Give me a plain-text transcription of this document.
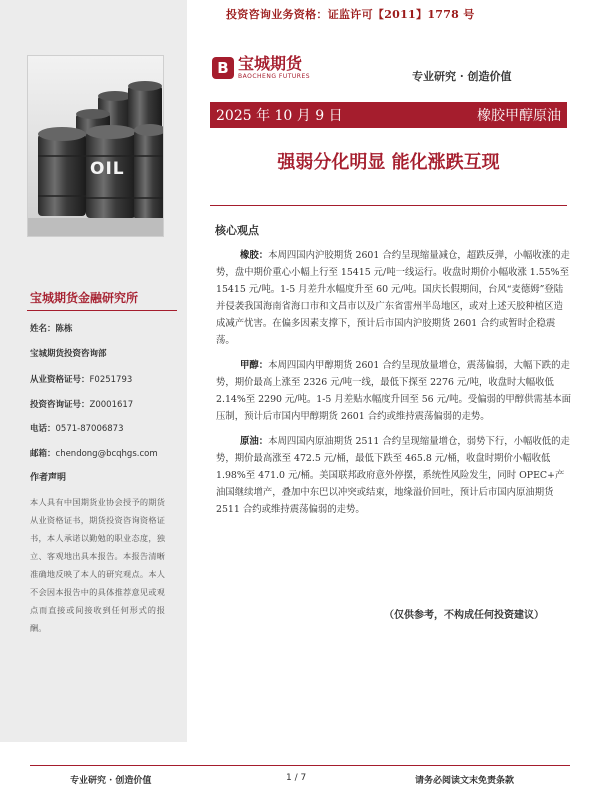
投资咨询业务资格：证监许可【2011】1778 号
OIL
B 宝城期货
BAOCHENG FUTURES	专业研究 · 创造价值
2025 年 10 月 9 日	橡胶甲醇原油
强弱分化明显 能化涨跌互现
核心观点

橡胶：本周四国内沪胶期货 2601 合约呈现缩量减仓，超跌反弹，小幅收涨的走势，盘中期价重心小幅上行至 15415 元/吨一线运行。收盘时期价小幅收涨 1.55%至 15415 元/吨。1-5 月差升水幅度升至 60 元/吨。国庆长假期间，台风“麦德姆”登陆并侵袭我国海南省海口市和文昌市以及广东省雷州半岛地区，或对上述天胶种植区造成减产忧害。在偏多因素支撑下，预计后市国内沪胶期货 2601 合约或暂时企稳震荡。

甲醇：本周四国内甲醇期货 2601 合约呈现放量增仓，震荡偏弱，大幅下跌的走势，期价最高上涨至 2326 元/吨一线，最低下探至 2276 元/吨，收盘时大幅收低 2.14%至 2290 元/吨。1-5 月差贴水幅度升回至 56 元/吨。受偏弱的甲醇供需基本面压制，预计后市国内甲醇期货 2601 合约或维持震荡偏弱的走势。

原油：本周四国内原油期货 2511 合约呈现缩量增仓，弱势下行，小幅收低的走势，期价最高涨至 472.5 元/桶，最低下跌至 465.8 元/桶，收盘时期价小幅收低 1.98%至 471.0 元/桶。美国联邦政府意外停摆，系统性风险发生，同时 OPEC+产油国继续增产，叠加中东巴以冲突或结束，地缘溢价回吐，预计后市国内原油期货 2511 合约或维持震荡偏弱的走势。

（仅供参考，不构成任何投资建议）
宝城期货金融研究所
姓名：陈栋
宝城期货投资咨询部
从业资格证号：F0251793
投资咨询证号：Z0001617
电话：0571-87006873
邮箱：chendong@bcqhgs.com
作者声明
本人具有中国期货业协会授予的期货从业资格证书，期货投资咨询资格证书，本人承诺以勤勉的职业态度，独立、客观地出具本报告。本报告清晰准确地反映了本人的研究观点。本人不会因本报告中的具体推荐意见或观点而直接或间接收到任何形式的报酬。
专业研究 · 创造价值	1 / 7	请务必阅读文末免责条款
